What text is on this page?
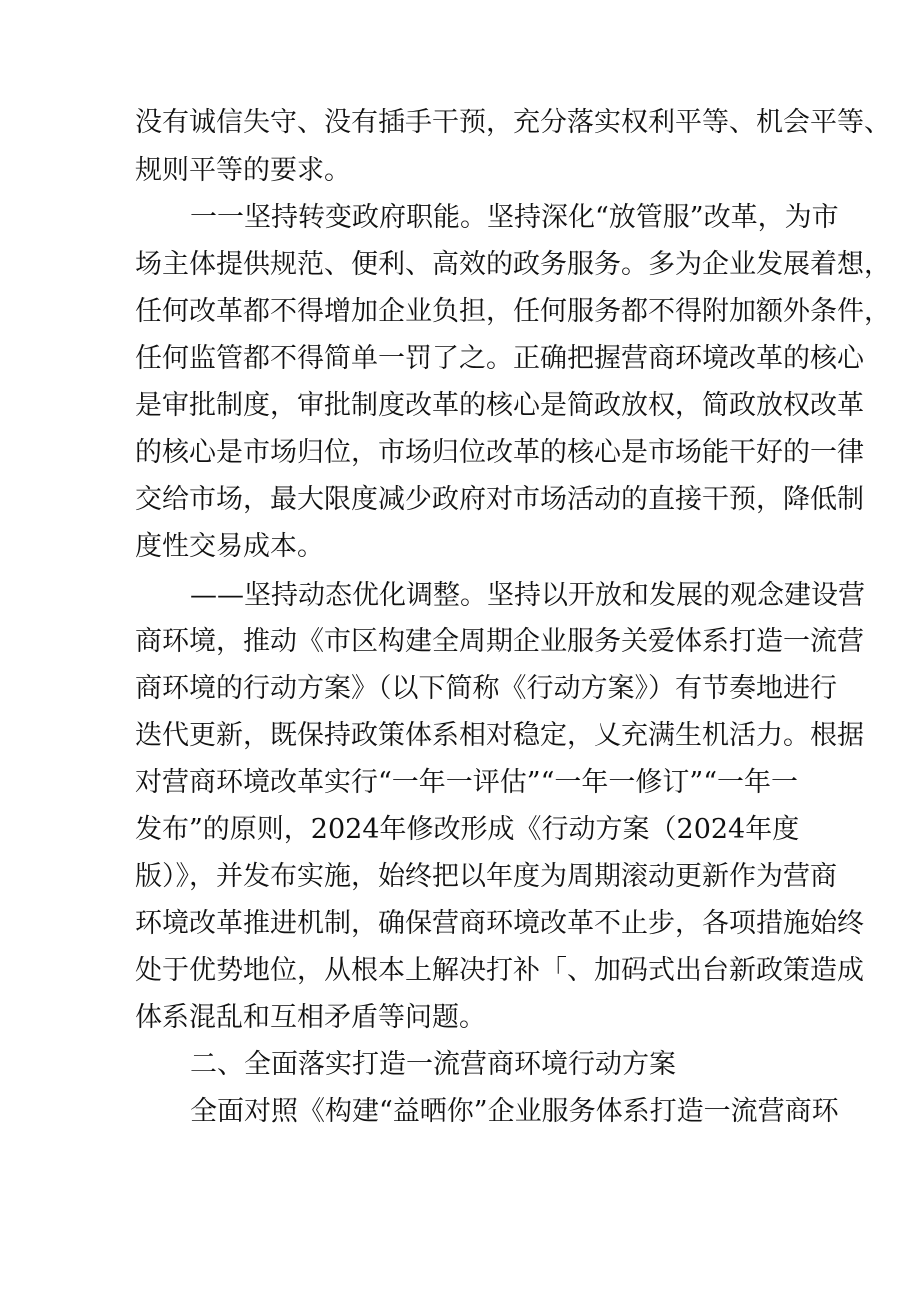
没有诚信失守、没有插手干预，充分落实权利平等、机会平等、
规则平等的要求。
一一坚持转变政府职能。坚持深化“放管服”改革，为市
场主体提供规范、便利、高效的政务服务。多为企业发展着想，
任何改革都不得增加企业负担，任何服务都不得附加额外条件，
任何监管都不得简单一罚了之。正确把握营商环境改革的核心
是审批制度，审批制度改革的核心是简政放权，简政放权改革
的核心是市场归位，市场归位改革的核心是市场能干好的一律
交给市场，最大限度减少政府对市场活动的直接干预，降低制
度性交易成本。
——坚持动态优化调整。坚持以开放和发展的观念建设营
商环境，推动《市区构建全周期企业服务关爱体系打造一流营
商环境的行动方案》（以下简称《行动方案》）有节奏地进行
迭代更新，既保持政策体系相对稳定，乂充满生机活力。根据
对营商环境改革实行“一年一评估”“一年一修订”“一年一
发布”的原则，2024年修改形成《行动方案（2024年度
版）》，并发布实施，始终把以年度为周期滚动更新作为营商
环境改革推进机制，确保营商环境改革不止步，各项措施始终
处于优势地位，从根本上解决打补「、加码式出台新政策造成
体系混乱和互相矛盾等问题。
二、全面落实打造一流营商环境行动方案
全面对照《构建“益晒你”企业服务体系打造一流营商环
